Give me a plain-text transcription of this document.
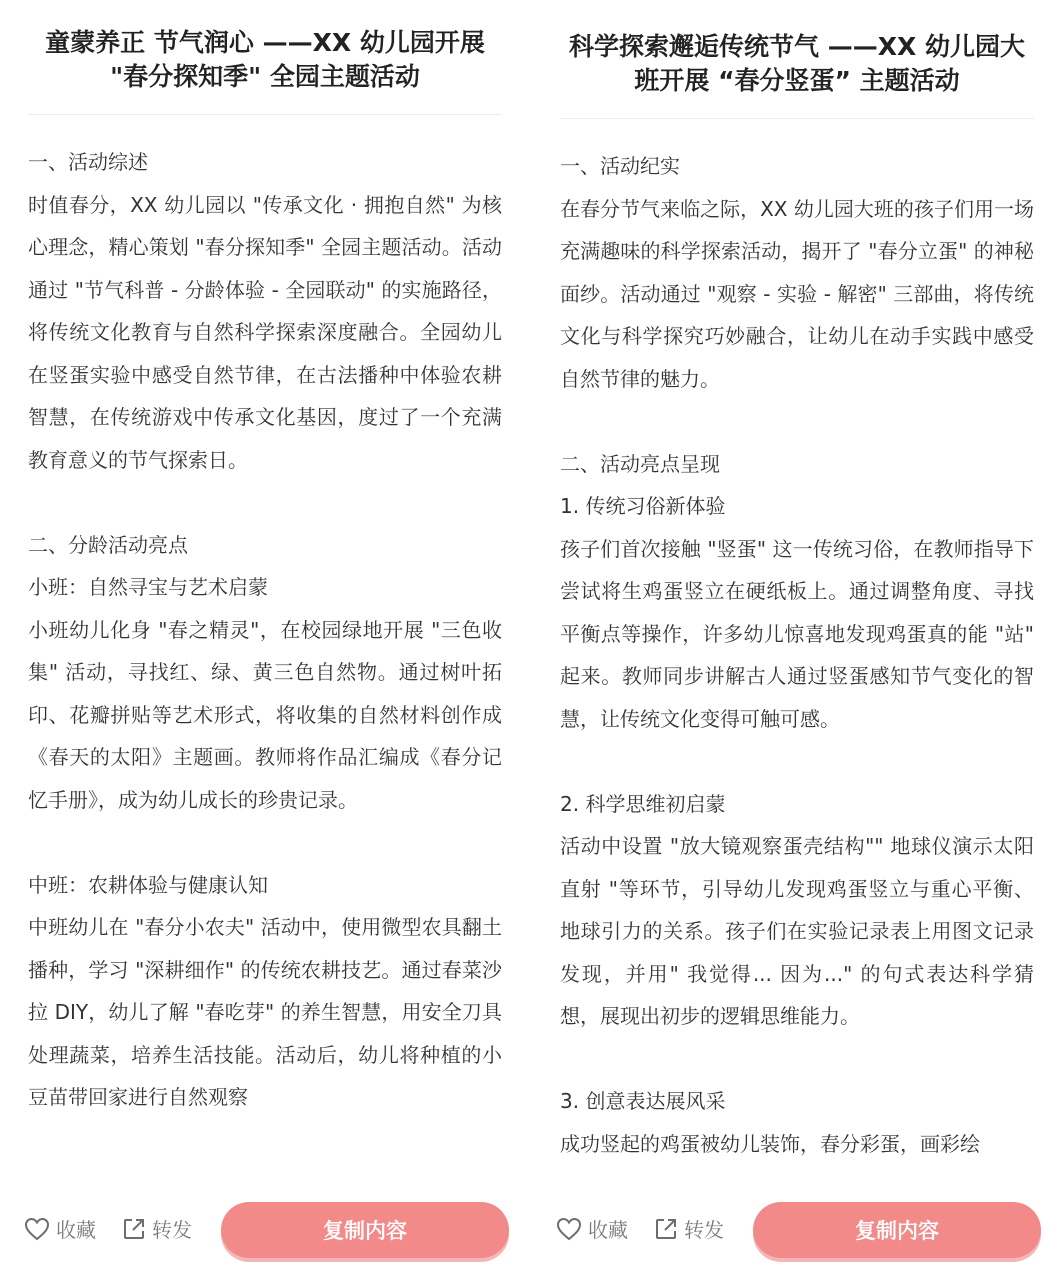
童蒙养正 节气润心 ——XX 幼儿园开展 "春分探知季" 全园主题活动

一、活动综述

时值春分，XX 幼儿园以 "传承文化 · 拥抱自然" 为核心理念，精心策划 "春分探知季" 全园主题活动。活动通过 "节气科普 - 分龄体验 - 全园联动" 的实施路径，将传统文化教育与自然科学探索深度融合。全园幼儿在竖蛋实验中感受自然节律，在古法播种中体验农耕智慧，在传统游戏中传承文化基因，度过了一个充满教育意义的节气探索日。

二、分龄活动亮点

小班：自然寻宝与艺术启蒙

小班幼儿化身 "春之精灵"，在校园绿地开展 "三色收集" 活动，寻找红、绿、黄三色自然物。通过树叶拓印、花瓣拼贴等艺术形式，将收集的自然材料创作成《春天的太阳》主题画。教师将作品汇编成《春分记忆手册》，成为幼儿成长的珍贵记录。

中班：农耕体验与健康认知

中班幼儿在 "春分小农夫" 活动中，使用微型农具翻土播种，学习 "深耕细作" 的传统农耕技艺。通过春菜沙拉 DIY，幼儿了解 "春吃芽" 的养生智慧，用安全刀具处理蔬菜，培养生活技能。活动后，幼儿将种植的小豆苗带回家进行自然观察

收藏	转发	复制内容
科学探索邂逅传统节气 ——XX 幼儿园大班开展 “春分竖蛋” 主题活动

一、活动纪实

在春分节气来临之际，XX 幼儿园大班的孩子们用一场充满趣味的科学探索活动，揭开了 "春分立蛋" 的神秘面纱。活动通过 "观察 - 实验 - 解密" 三部曲，将传统文化与科学探究巧妙融合，让幼儿在动手实践中感受自然节律的魅力。

二、活动亮点呈现

1. 传统习俗新体验

孩子们首次接触 "竖蛋" 这一传统习俗，在教师指导下尝试将生鸡蛋竖立在硬纸板上。通过调整角度、寻找平衡点等操作，许多幼儿惊喜地发现鸡蛋真的能 "站" 起来。教师同步讲解古人通过竖蛋感知节气变化的智慧，让传统文化变得可触可感。

2. 科学思维初启蒙

活动中设置 "放大镜观察蛋壳结构"" 地球仪演示太阳直射 "等环节，引导幼儿发现鸡蛋竖立与重心平衡、地球引力的关系。孩子们在实验记录表上用图文记录发现，并用" 我觉得... 因为..." 的句式表达科学猜想，展现出初步的逻辑思维能力。

3. 创意表达展风采

成功竖起的鸡蛋被幼儿装饰，春分彩蛋，画彩绘

收藏	转发	复制内容
